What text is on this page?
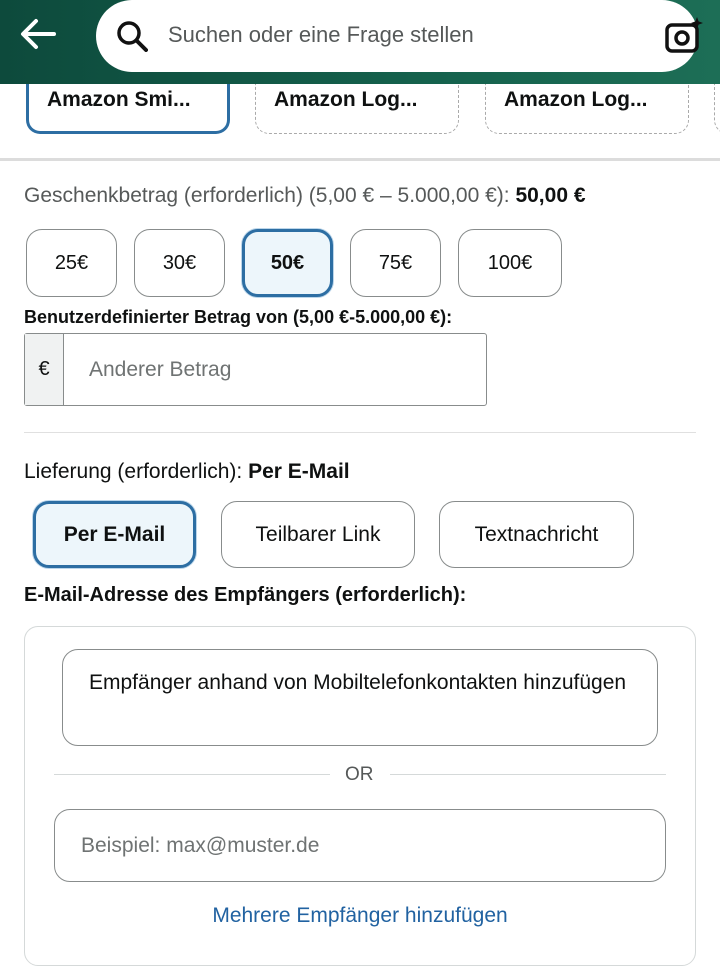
Suchen oder eine Frage stellen
Amazon Smi...	Amazon Log...	Amazon Log...
Geschenkbetrag (erforderlich) (5,00 € – 5.000,00 €): 50,00 €
25€	30€	50€	75€	100€
Benutzerdefinierter Betrag von (5,00 €-5.000,00 €):
€	Anderer Betrag
Lieferung (erforderlich): Per E-Mail
Per E-Mail	Teilbarer Link	Textnachricht
E-Mail-Adresse des Empfängers (erforderlich):
Empfänger anhand von Mobiltelefonkontakten hinzufügen
OR
Beispiel: max@muster.de
Mehrere Empfänger hinzufügen
